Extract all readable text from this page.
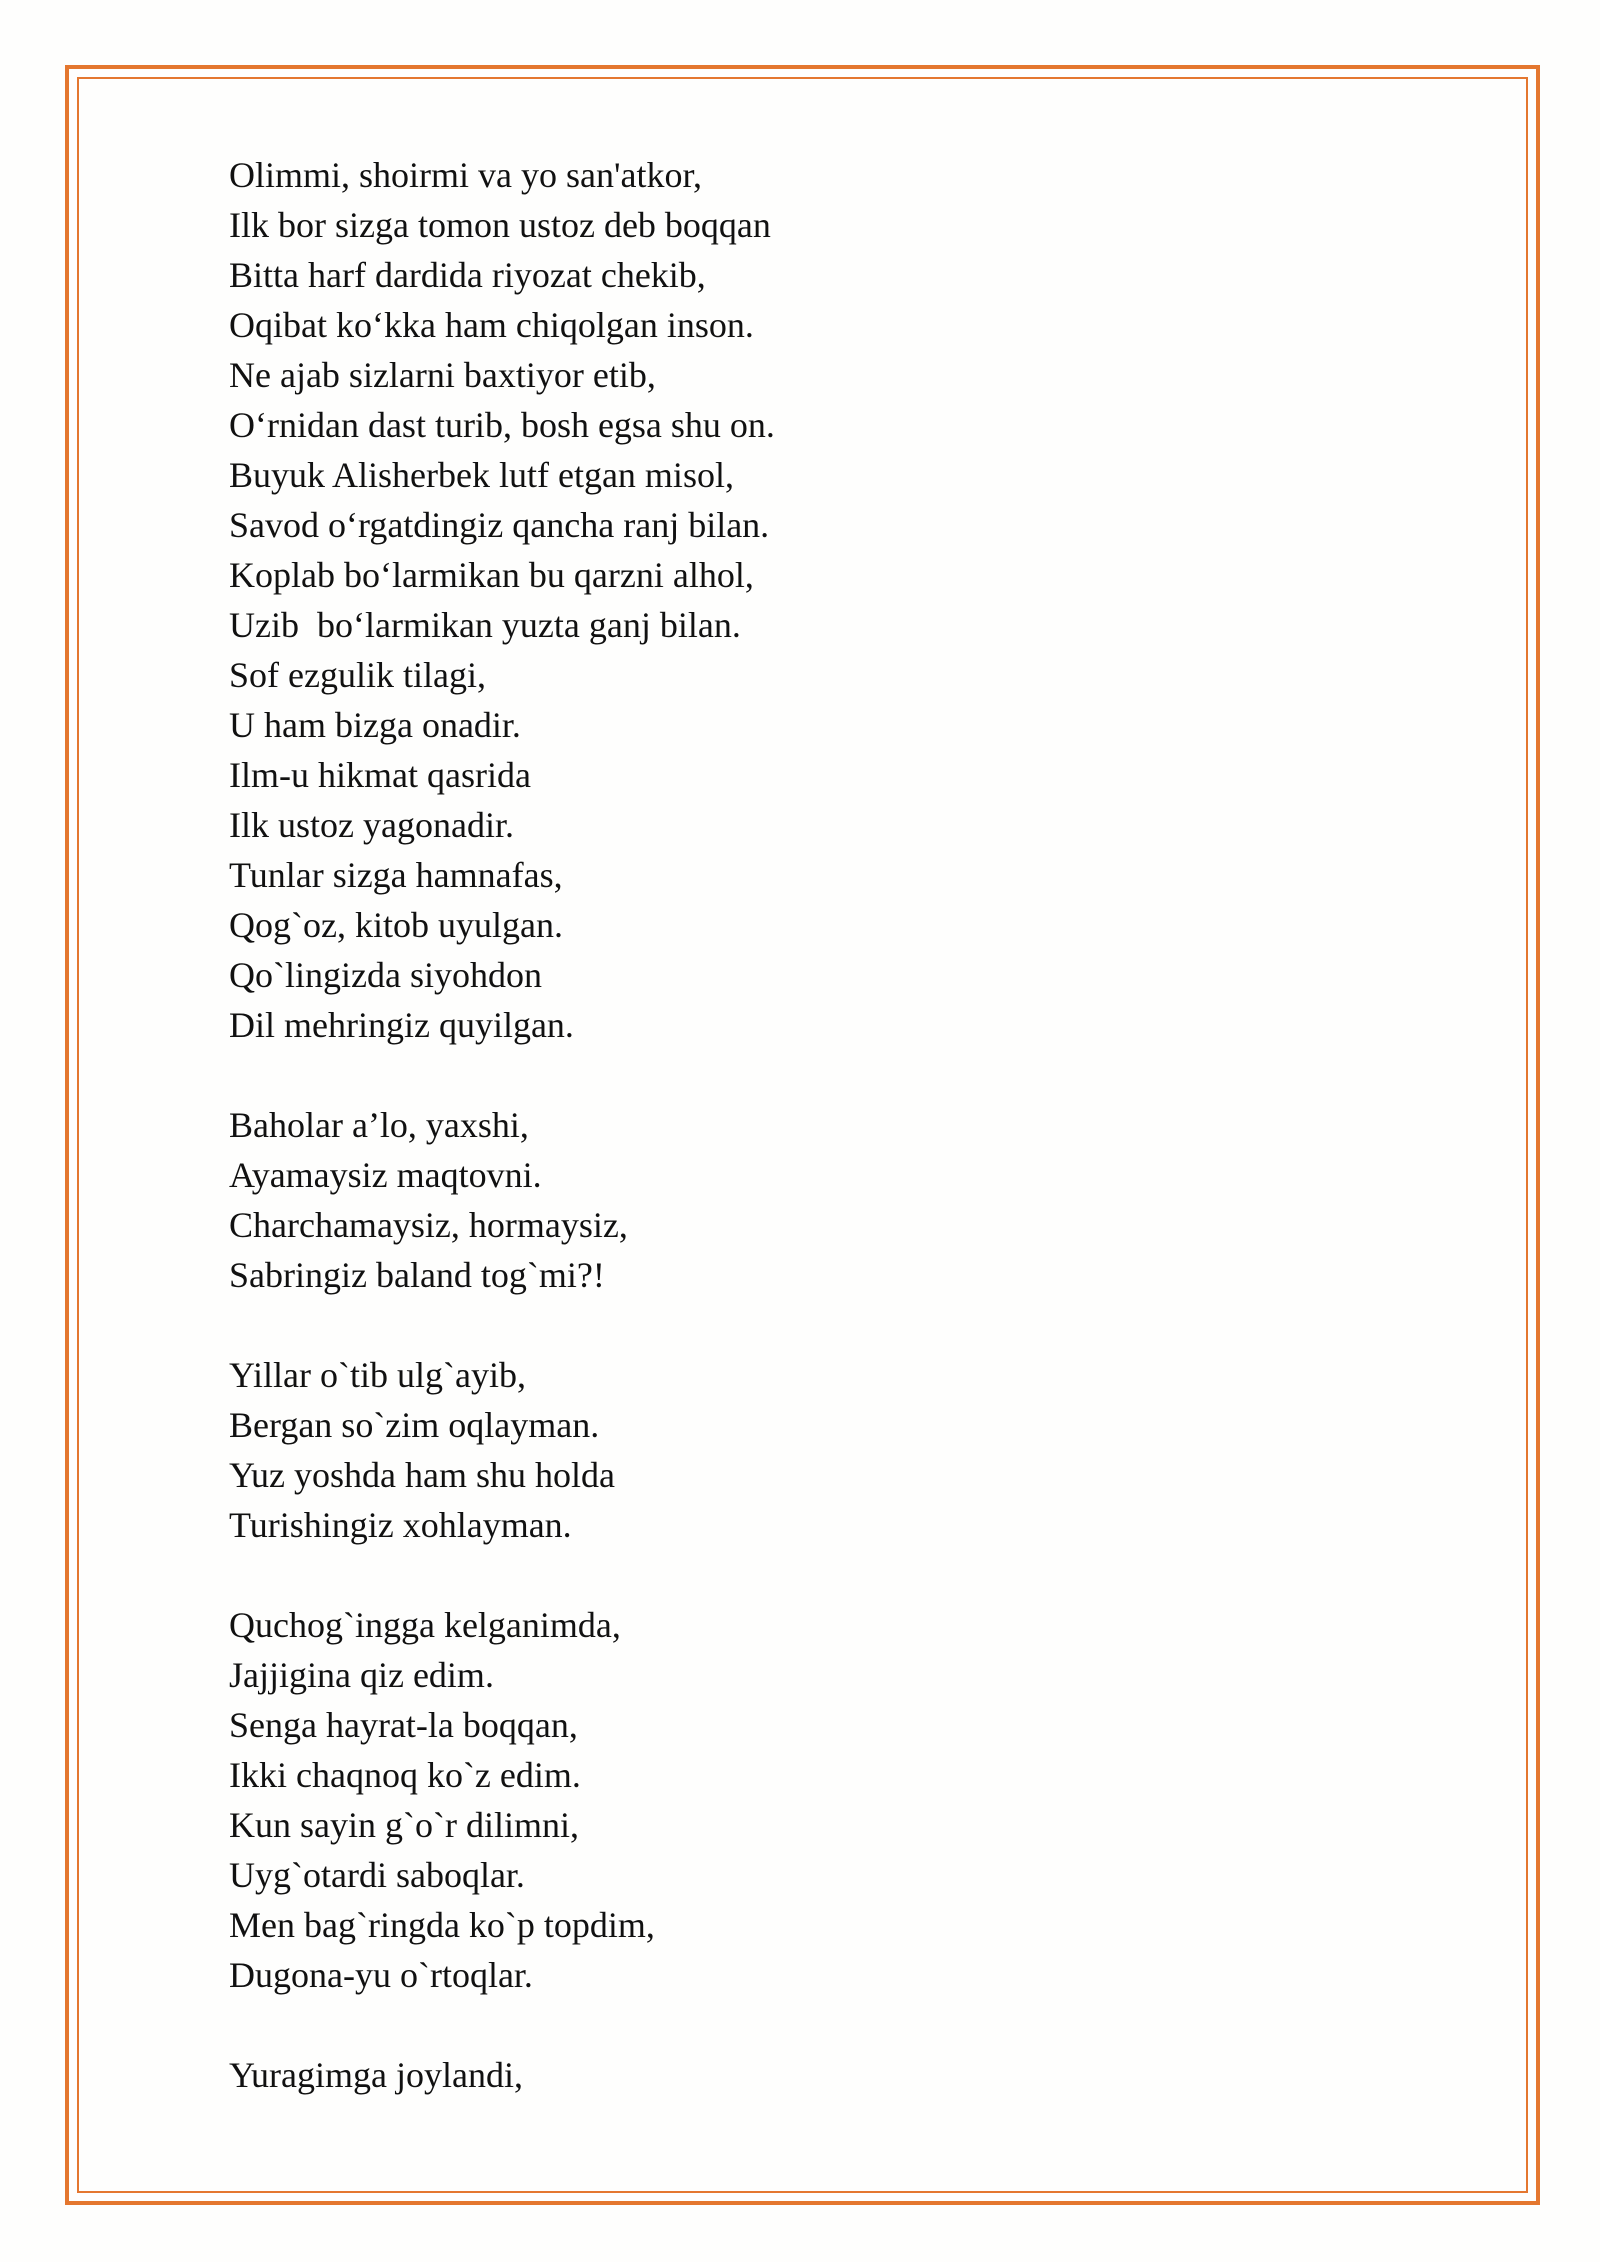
Olimmi, shoirmi va yo san'atkor,
Ilk bor sizga tomon ustoz deb boqqan
Bitta harf dardida riyozat chekib,
Oqibat ko‘kka ham chiqolgan inson.
Ne ajab sizlarni baxtiyor etib,
O‘rnidan dast turib, bosh egsa shu on.
Buyuk Alisherbek lutf etgan misol,
Savod o‘rgatdingiz qancha ranj bilan.
Koplab bo‘larmikan bu qarzni alhol,
Uzib  bo‘larmikan yuzta ganj bilan.
Sof ezgulik tilagi,
U ham bizga onadir.
Ilm-u hikmat qasrida
Ilk ustoz yagonadir.
Tunlar sizga hamnafas,
Qog`oz, kitob uyulgan.
Qo`lingizda siyohdon
Dil mehringiz quyilgan.
Baholar a’lo, yaxshi,
Ayamaysiz maqtovni.
Charchamaysiz, hormaysiz,
Sabringiz baland tog`mi?!
Yillar o`tib ulg`ayib,
Bergan so`zim oqlayman.
Yuz yoshda ham shu holda
Turishingiz xohlayman.
Quchog`ingga kelganimda,
Jajjigina qiz edim.
Senga hayrat-la boqqan,
Ikki chaqnoq ko`z edim.
Kun sayin g`o`r dilimni,
Uyg`otardi saboqlar.
Men bag`ringda ko`p topdim,
Dugona-yu o`rtoqlar.
Yuragimga joylandi,
